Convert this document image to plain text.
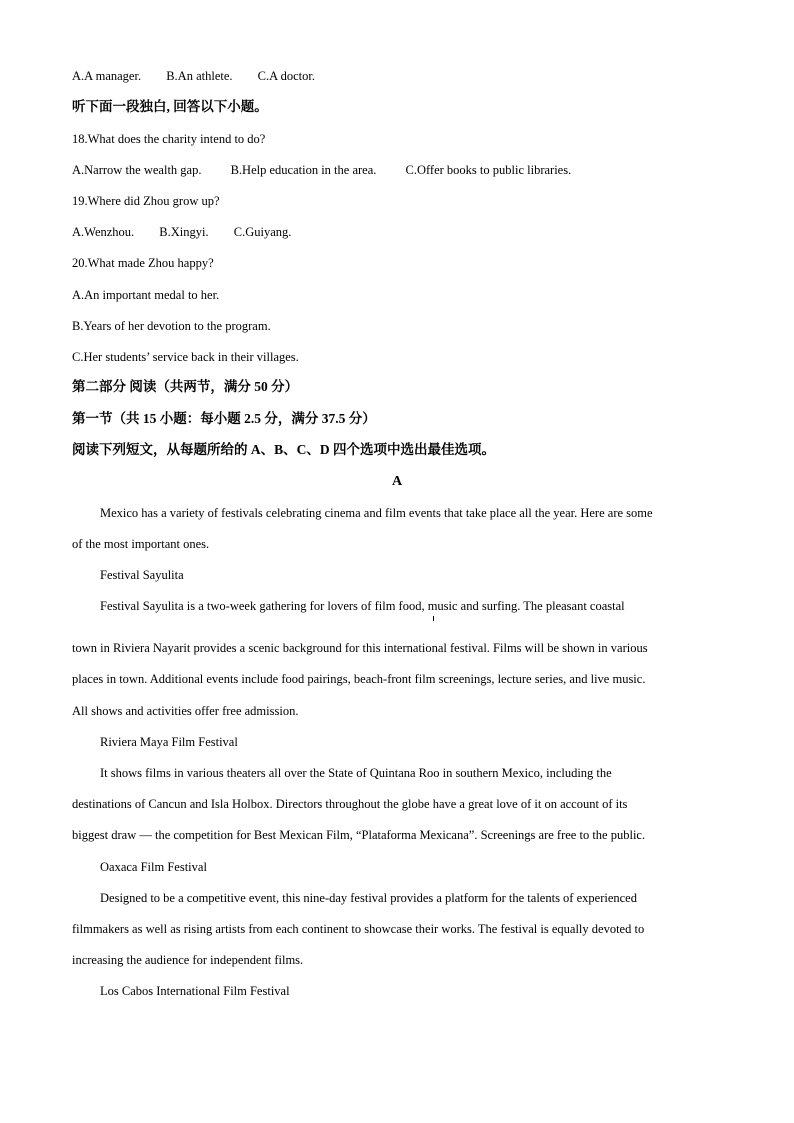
A.A manager. B.An athlete. C.A doctor.
听下面一段独白, 回答以下小题。
18.What does the charity intend to do?
A.Narrow the wealth gap. B.Help education in the area. C.Offer books to public libraries.
19.Where did Zhou grow up?
A.Wenzhou. B.Xingyi. C.Guiyang.
20.What made Zhou happy?
A.An important medal to her.
B.Years of her devotion to the program.
C.Her students’ service back in their villages.
第二部分 阅读（共两节，满分 50 分）
第一节（共 15 小题：每小题 2.5 分，满分 37.5 分）
阅读下列短文，从每题所给的 A、B、C、D 四个选项中选出最佳选项。
A
Mexico has a variety of festivals celebrating cinema and film events that take place all the year. Here are some
of the most important ones.
Festival Sayulita
Festival Sayulita is a two-week gathering for lovers of film food, music and surfing. The pleasant coastal
town in Riviera Nayarit provides a scenic background for this international festival. Films will be shown in various
places in town. Additional events include food pairings, beach-front film screenings, lecture series, and live music.
All shows and activities offer free admission.
Riviera Maya Film Festival
It shows films in various theaters all over the State of Quintana Roo in southern Mexico, including the
destinations of Cancun and Isla Holbox. Directors throughout the globe have a great love of it on account of its
biggest draw — the competition for Best Mexican Film, “Plataforma Mexicana”. Screenings are free to the public.
Oaxaca Film Festival
Designed to be a competitive event, this nine-day festival provides a platform for the talents of experienced
filmmakers as well as rising artists from each continent to showcase their works. The festival is equally devoted to
increasing the audience for independent films.
Los Cabos International Film Festival
